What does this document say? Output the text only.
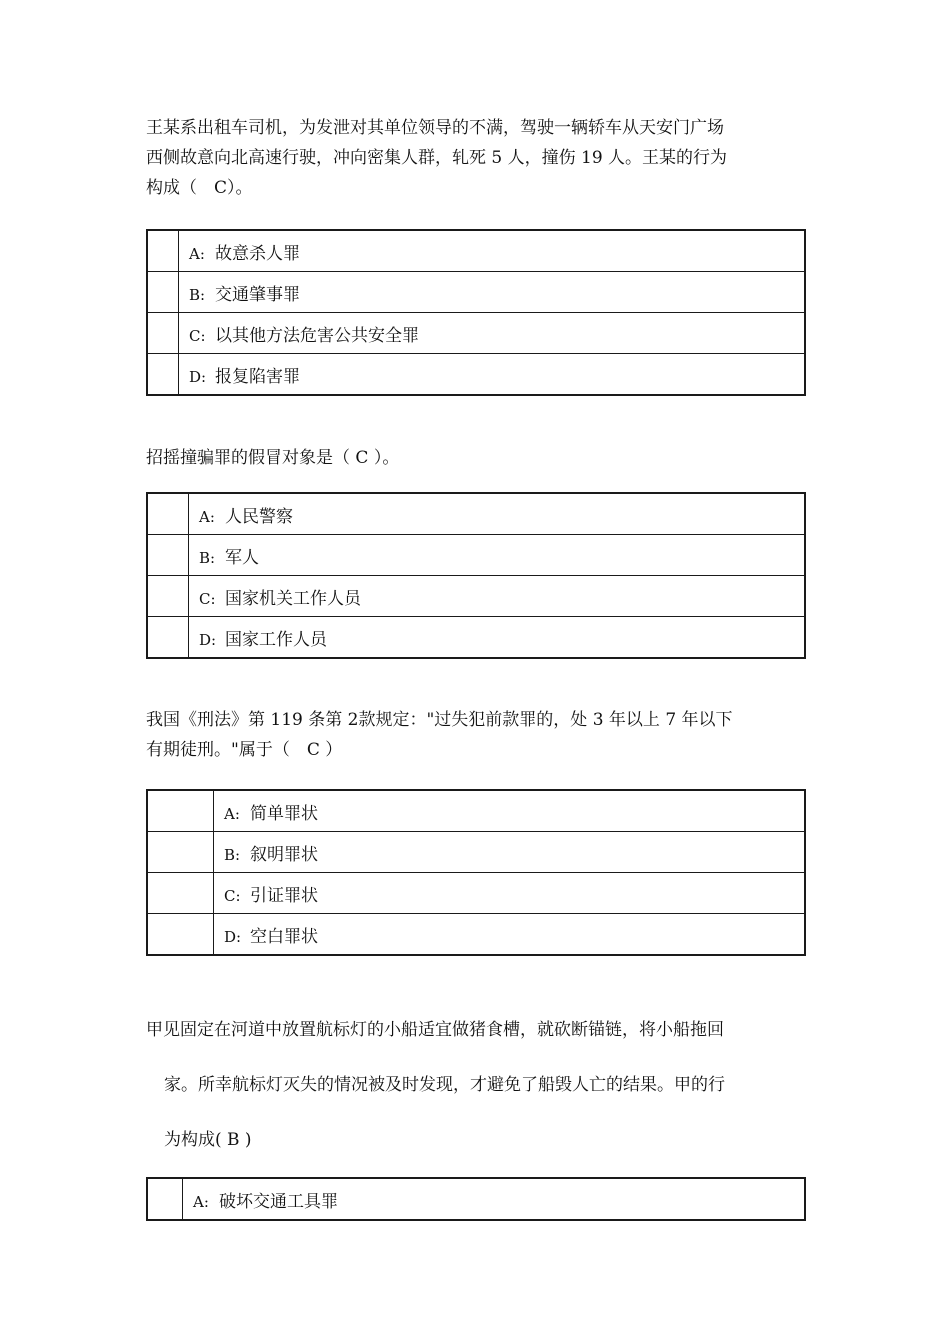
王某系出租车司机，为发泄对其单位领导的不满，驾驶一辆轿车从天安门广场
西侧故意向北高速行驶，冲向密集人群，轧死 5 人，撞伤 19 人。王某的行为
构成（　C）。

	A: 故意杀人罪
	B: 交通肇事罪
	C: 以其他方法危害公共安全罪
	D: 报复陷害罪

招摇撞骗罪的假冒对象是（ C ）。

	A: 人民警察
	B: 军人
	C: 国家机关工作人员
	D: 国家工作人员

我国《刑法》第 119 条第 2款规定："过失犯前款罪的，处 3 年以上 7 年以下
有期徒刑。"属于（　C ）

	A: 简单罪状
	B: 叙明罪状
	C: 引证罪状
	D: 空白罪状

甲见固定在河道中放置航标灯的小船适宜做猪食槽，就砍断锚链，将小船拖回
家。所幸航标灯灭失的情况被及时发现，才避免了船毁人亡的结果。甲的行
为构成( B )

	A: 破坏交通工具罪
